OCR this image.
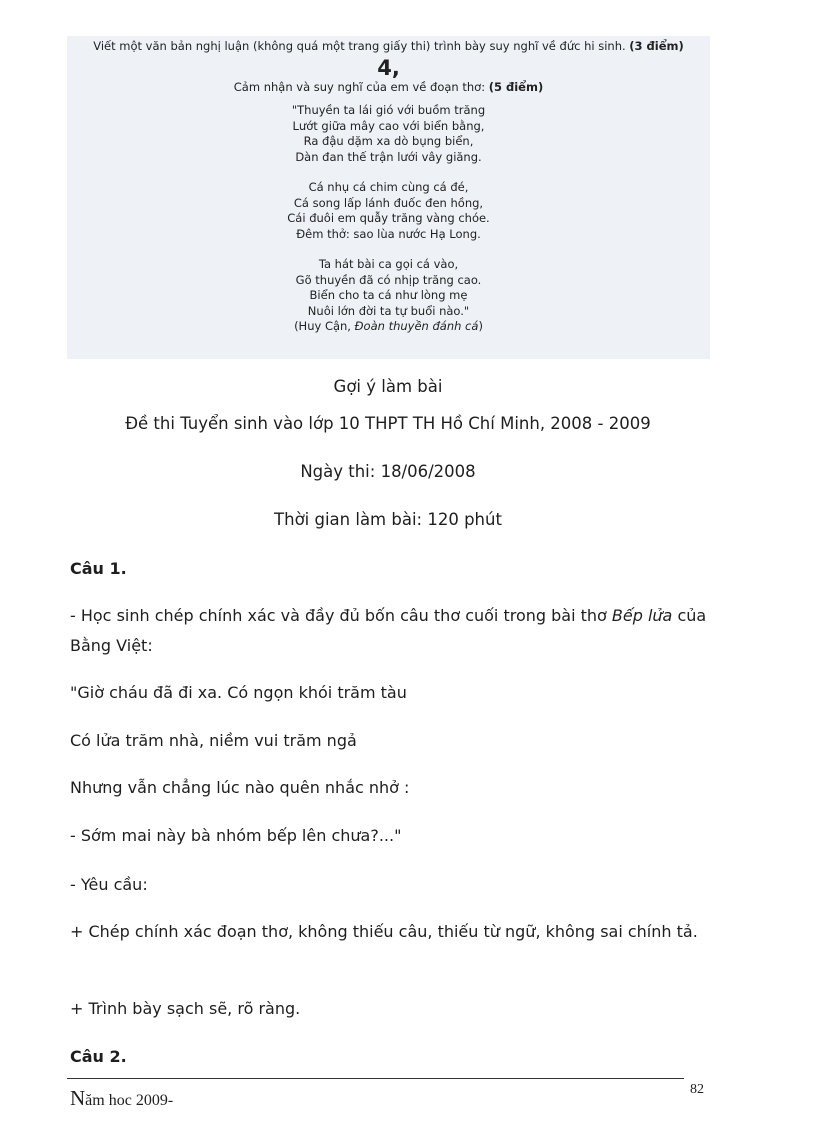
Viết một văn bản nghị luận (không quá một trang giấy thi) trình bày suy nghĩ về đức hi sinh. (3 điểm)
4,
Cảm nhận và suy nghĩ của em về đoạn thơ: (5 điểm)
"Thuyền ta lái gió với buồm trăng
Lướt giữa mây cao với biển bằng,
Ra đậu dặm xa dò bụng biển,
Dàn đan thế trận lưới vây giăng.
Cá nhụ cá chim cùng cá đé,
Cá song lấp lánh đuốc đen hồng,
Cái đuôi em quẫy trăng vàng chóe.
Đêm thở: sao lùa nước Hạ Long.
Ta hát bài ca gọi cá vào,
Gõ thuyền đã có nhịp trăng cao.
Biển cho ta cá như lòng mẹ
Nuôi lớn đời ta tự buổi nào."
(Huy Cận, Đoàn thuyền đánh cá)
Gợi ý làm bài
Đề thi Tuyển sinh vào lớp 10 THPT TH Hồ Chí Minh, 2008 - 2009
Ngày thi: 18/06/2008
Thời gian làm bài: 120 phút
Câu 1.
- Học sinh chép chính xác và đầy đủ bốn câu thơ cuối trong bài thơ Bếp lửa của Bằng Việt:
"Giờ cháu đã đi xa. Có ngọn khói trăm tàu
Có lửa trăm nhà, niềm vui trăm ngả
Nhưng vẫn chẳng lúc nào quên nhắc nhở :
- Sớm mai này bà nhóm bếp lên chưa?..."
- Yêu cầu:
+ Chép chính xác đoạn thơ, không thiếu câu, thiếu từ ngữ, không sai chính tả.
+ Trình bày sạch sẽ, rõ ràng.
Câu 2.
Năm hoc 2009-
82
